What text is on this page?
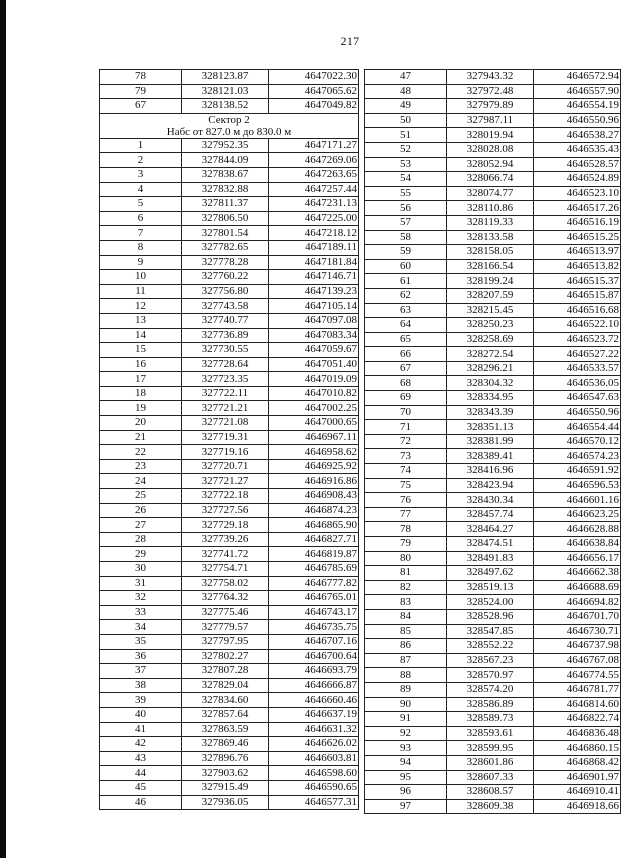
217
78	328123.87	4647022.30
79	328121.03	4647065.62
67	328138.52	4647049.82

Сектор 2
Набс от 827.0 м до 830.0 м		

1	327952.35	4647171.27
2	327844.09	4647269.06
3	327838.67	4647263.65
4	327832.88	4647257.44
5	327811.37	4647231.13
6	327806.50	4647225.00
7	327801.54	4647218.12
8	327782.65	4647189.11
9	327778.28	4647181.84
10	327760.22	4647146.71
11	327756.80	4647139.23
12	327743.58	4647105.14
13	327740.77	4647097.08
14	327736.89	4647083.34
15	327730.55	4647059.67
16	327728.64	4647051.40
17	327723.35	4647019.09
18	327722.11	4647010.82
19	327721.21	4647002.25
20	327721.08	4647000.65
21	327719.31	4646967.11
22	327719.16	4646958.62
23	327720.71	4646925.92
24	327721.27	4646916.86
25	327722.18	4646908.43
26	327727.56	4646874.23
27	327729.18	4646865.90
28	327739.26	4646827.71
29	327741.72	4646819.87
30	327754.71	4646785.69
31	327758.02	4646777.82
32	327764.32	4646765.01
33	327775.46	4646743.17
34	327779.57	4646735.75
35	327797.95	4646707.16
36	327802.27	4646700.64
37	327807.28	4646693.79
38	327829.04	4646666.87
39	327834.60	4646660.46
40	327857.64	4646637.19
41	327863.59	4646631.32
42	327869.46	4646626.02
43	327896.76	4646603.81
44	327903.62	4646598.60
45	327915.49	4646590.65
46	327936.05	4646577.31
47	327943.32	4646572.94
48	327972.48	4646557.90
49	327979.89	4646554.19
50	327987.11	4646550.96
51	328019.94	4646538.27
52	328028.08	4646535.43
53	328052.94	4646528.57
54	328066.74	4646524.89
55	328074.77	4646523.10
56	328110.86	4646517.26
57	328119.33	4646516.19
58	328133.58	4646515.25
59	328158.05	4646513.97
60	328166.54	4646513.82
61	328199.24	4646515.37
62	328207.59	4646515.87
63	328215.45	4646516.68
64	328250.23	4646522.10
65	328258.69	4646523.72
66	328272.54	4646527.22
67	328296.21	4646533.57
68	328304.32	4646536.05
69	328334.95	4646547.63
70	328343.39	4646550.96
71	328351.13	4646554.44
72	328381.99	4646570.12
73	328389.41	4646574.23
74	328416.96	4646591.92
75	328423.94	4646596.53
76	328430.34	4646601.16
77	328457.74	4646623.25
78	328464.27	4646628.88
79	328474.51	4646638.84
80	328491.83	4646656.17
81	328497.62	4646662.38
82	328519.13	4646688.69
83	328524.00	4646694.82
84	328528.96	4646701.70
85	328547.85	4646730.71
86	328552.22	4646737.98
87	328567.23	4646767.08
88	328570.97	4646774.55
89	328574.20	4646781.77
90	328586.89	4646814.60
91	328589.73	4646822.74
92	328593.61	4646836.48
93	328599.95	4646860.15
94	328601.86	4646868.42
95	328607.33	4646901.97
96	328608.57	4646910.41
97	328609.38	4646918.66
